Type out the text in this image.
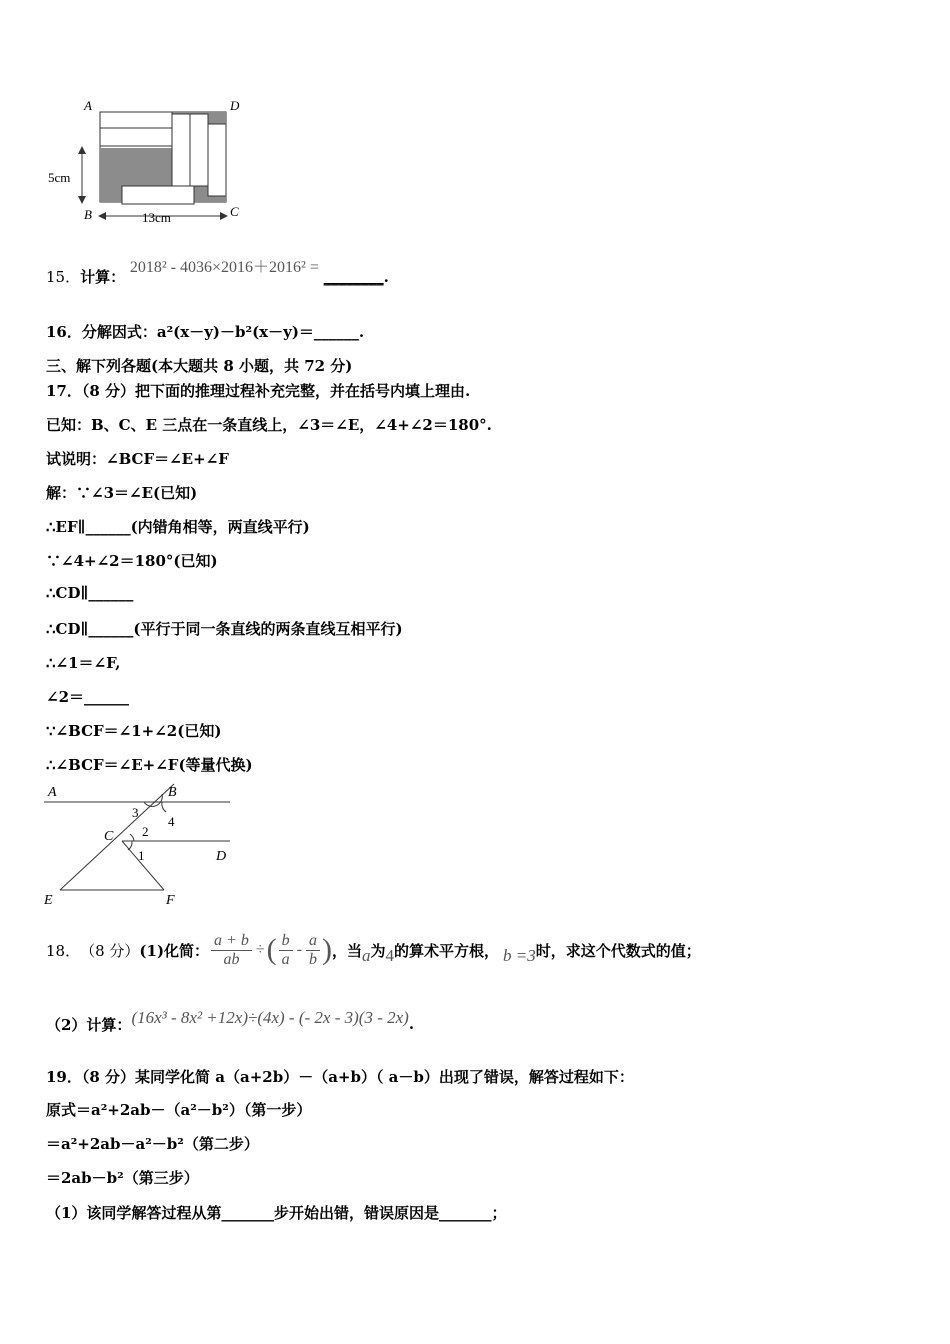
A	D
B	C
5cm
13cm
15．计算： 2018² - 4036×2016＋2016² = ________.
16．分解因式：a²(x－y)－b²(x－y)＝______.
三、解下列各题(本大题共 8 小题，共 72 分)
17．（8 分）把下面的推理过程补充完整，并在括号内填上理由.
已知：B、C、E 三点在一条直线上，∠3＝∠E，∠4+∠2＝180°.
试说明：∠BCF＝∠E+∠F
解：∵∠3＝∠E(已知)
∴EF∥______(内错角相等，两直线平行)
∵∠4+∠2＝180°(已知)
∴CD∥______
∴CD∥______(平行于同一条直线的两条直线互相平行)
∴∠1＝∠F,
∠2＝______
∵∠BCF＝∠1+∠2(已知)
∴∠BCF＝∠E+∠F(等量代换)
A	B
C
D
E	F
1
2
3
4
18． （8 分） (1)化简： $\frac{a + b}{ab}$ ÷ ( $\frac{b}{a} - \frac{a}{b}$ ) ，当 a 为 4 的算术平方根， b =3 时，求这个代数式的值；
（2）计算： (16x³ - 8x² +12x)÷(4x) - (- 2x - 3)(3 - 2x) .
19．（8 分）某同学化简 a（a+2b）－（a+b）（ a－b）出现了错误，解答过程如下：
原式＝a²+2ab－（a²－b²）（第一步）
＝a²+2ab－a²－b²（第二步）
＝2ab－b²（第三步）
（1）该同学解答过程从第_______步开始出错，错误原因是_______；
